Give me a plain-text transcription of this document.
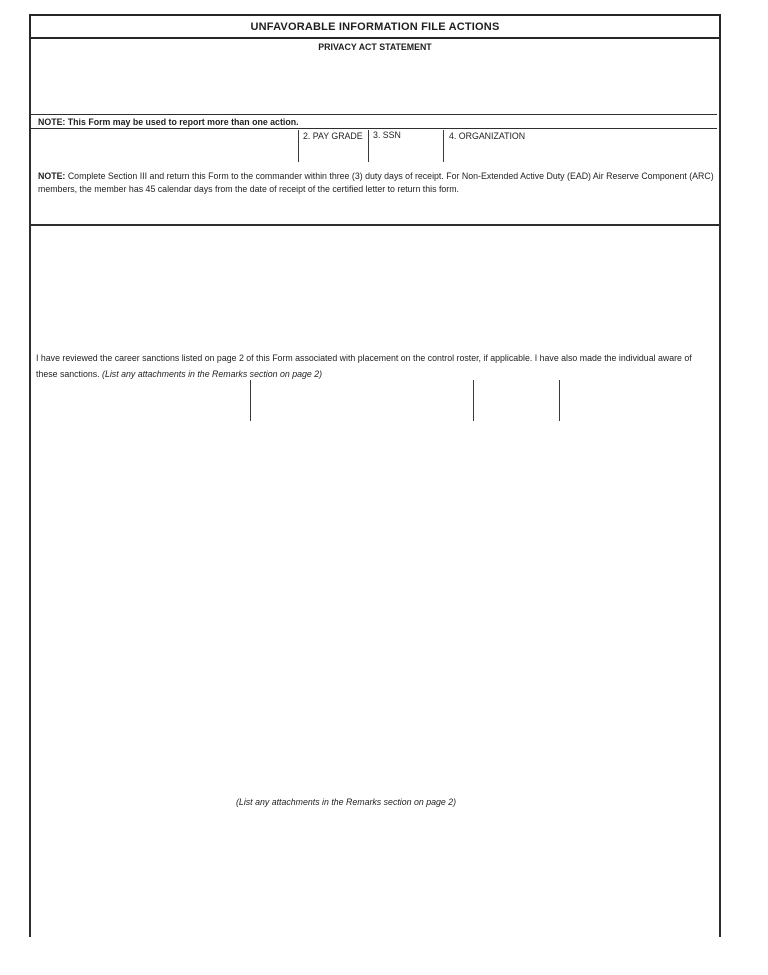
UNFAVORABLE INFORMATION FILE ACTIONS
PRIVACY ACT STATEMENT
NOTE: This Form may be used to report more than one action.
2. PAY GRADE 3. SSN	4. ORGANIZATION
NOTE: Complete Section III and return this Form to the commander within three (3) duty days of receipt. For Non-Extended Active Duty (EAD) Air Reserve Component (ARC) members, the member has 45 calendar days from the date of receipt of the certified letter to return this form.
I have reviewed the career sanctions listed on page 2 of this Form associated with placement on the control roster, if applicable. I have also made the individual aware of these sanctions. (List any attachments in the Remarks section on page 2)
(List any attachments in the Remarks section on page 2)
